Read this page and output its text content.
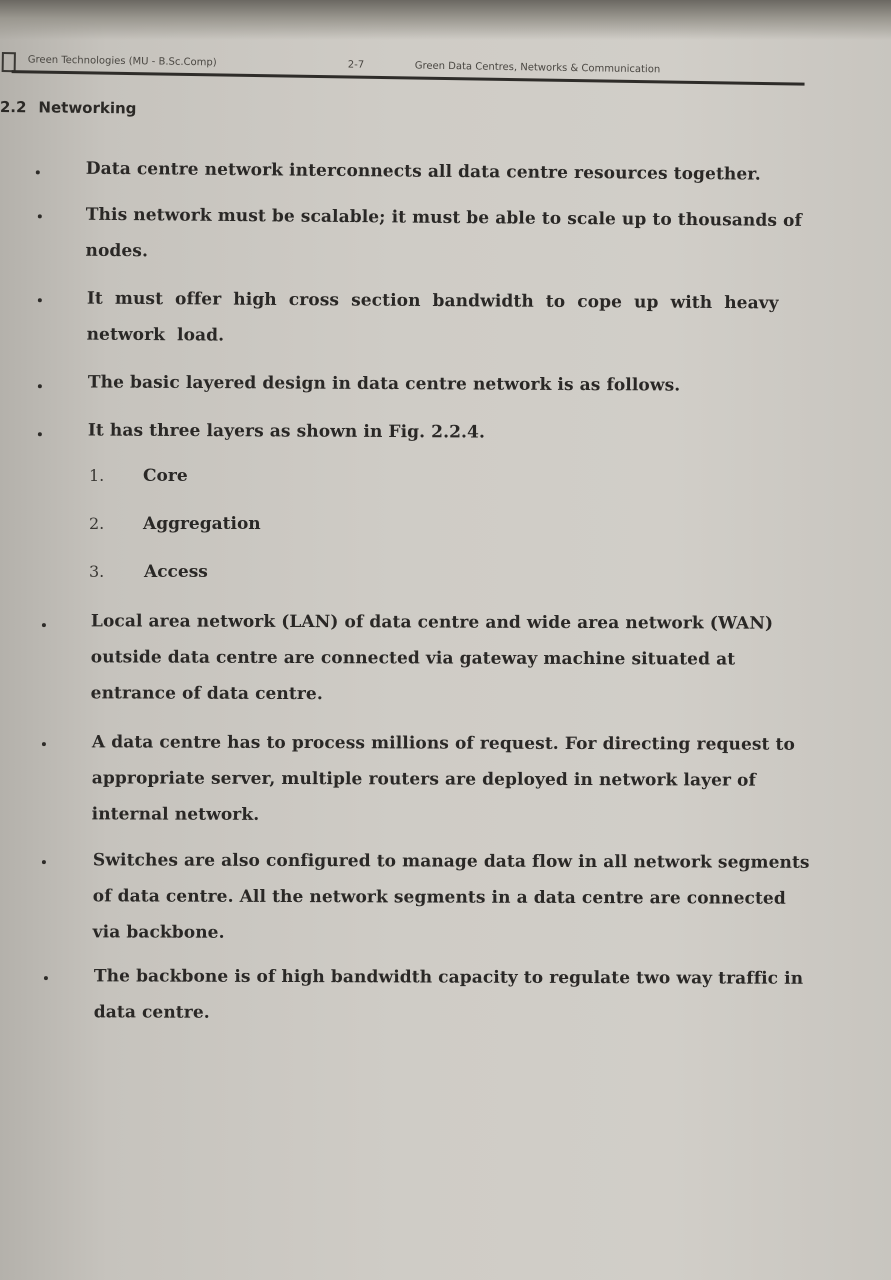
Green Technologies (MU - B.Sc.Comp)	2-7	Green Data Centres, Networks & Communication
2.2 Networking
Data centre network interconnects all data centre resources together.
This network must be scalable; it must be able to scale up to thousands of nodes.
It must offer high cross section bandwidth to cope up with heavy network load.
The basic layered design in data centre network is as follows.
It has three layers as shown in Fig. 2.2.4.
1. Core
2. Aggregation
3. Access
Local area network (LAN) of data centre and wide area network (WAN) outside data centre are connected via gateway machine situated at entrance of data centre.
A data centre has to process millions of request. For directing request to appropriate server, multiple routers are deployed in network layer of internal network.
Switches are also configured to manage data flow in all network segments of data centre. All the network segments in a data centre are connected via backbone.
The backbone is of high bandwidth capacity to regulate two way traffic in data centre.
